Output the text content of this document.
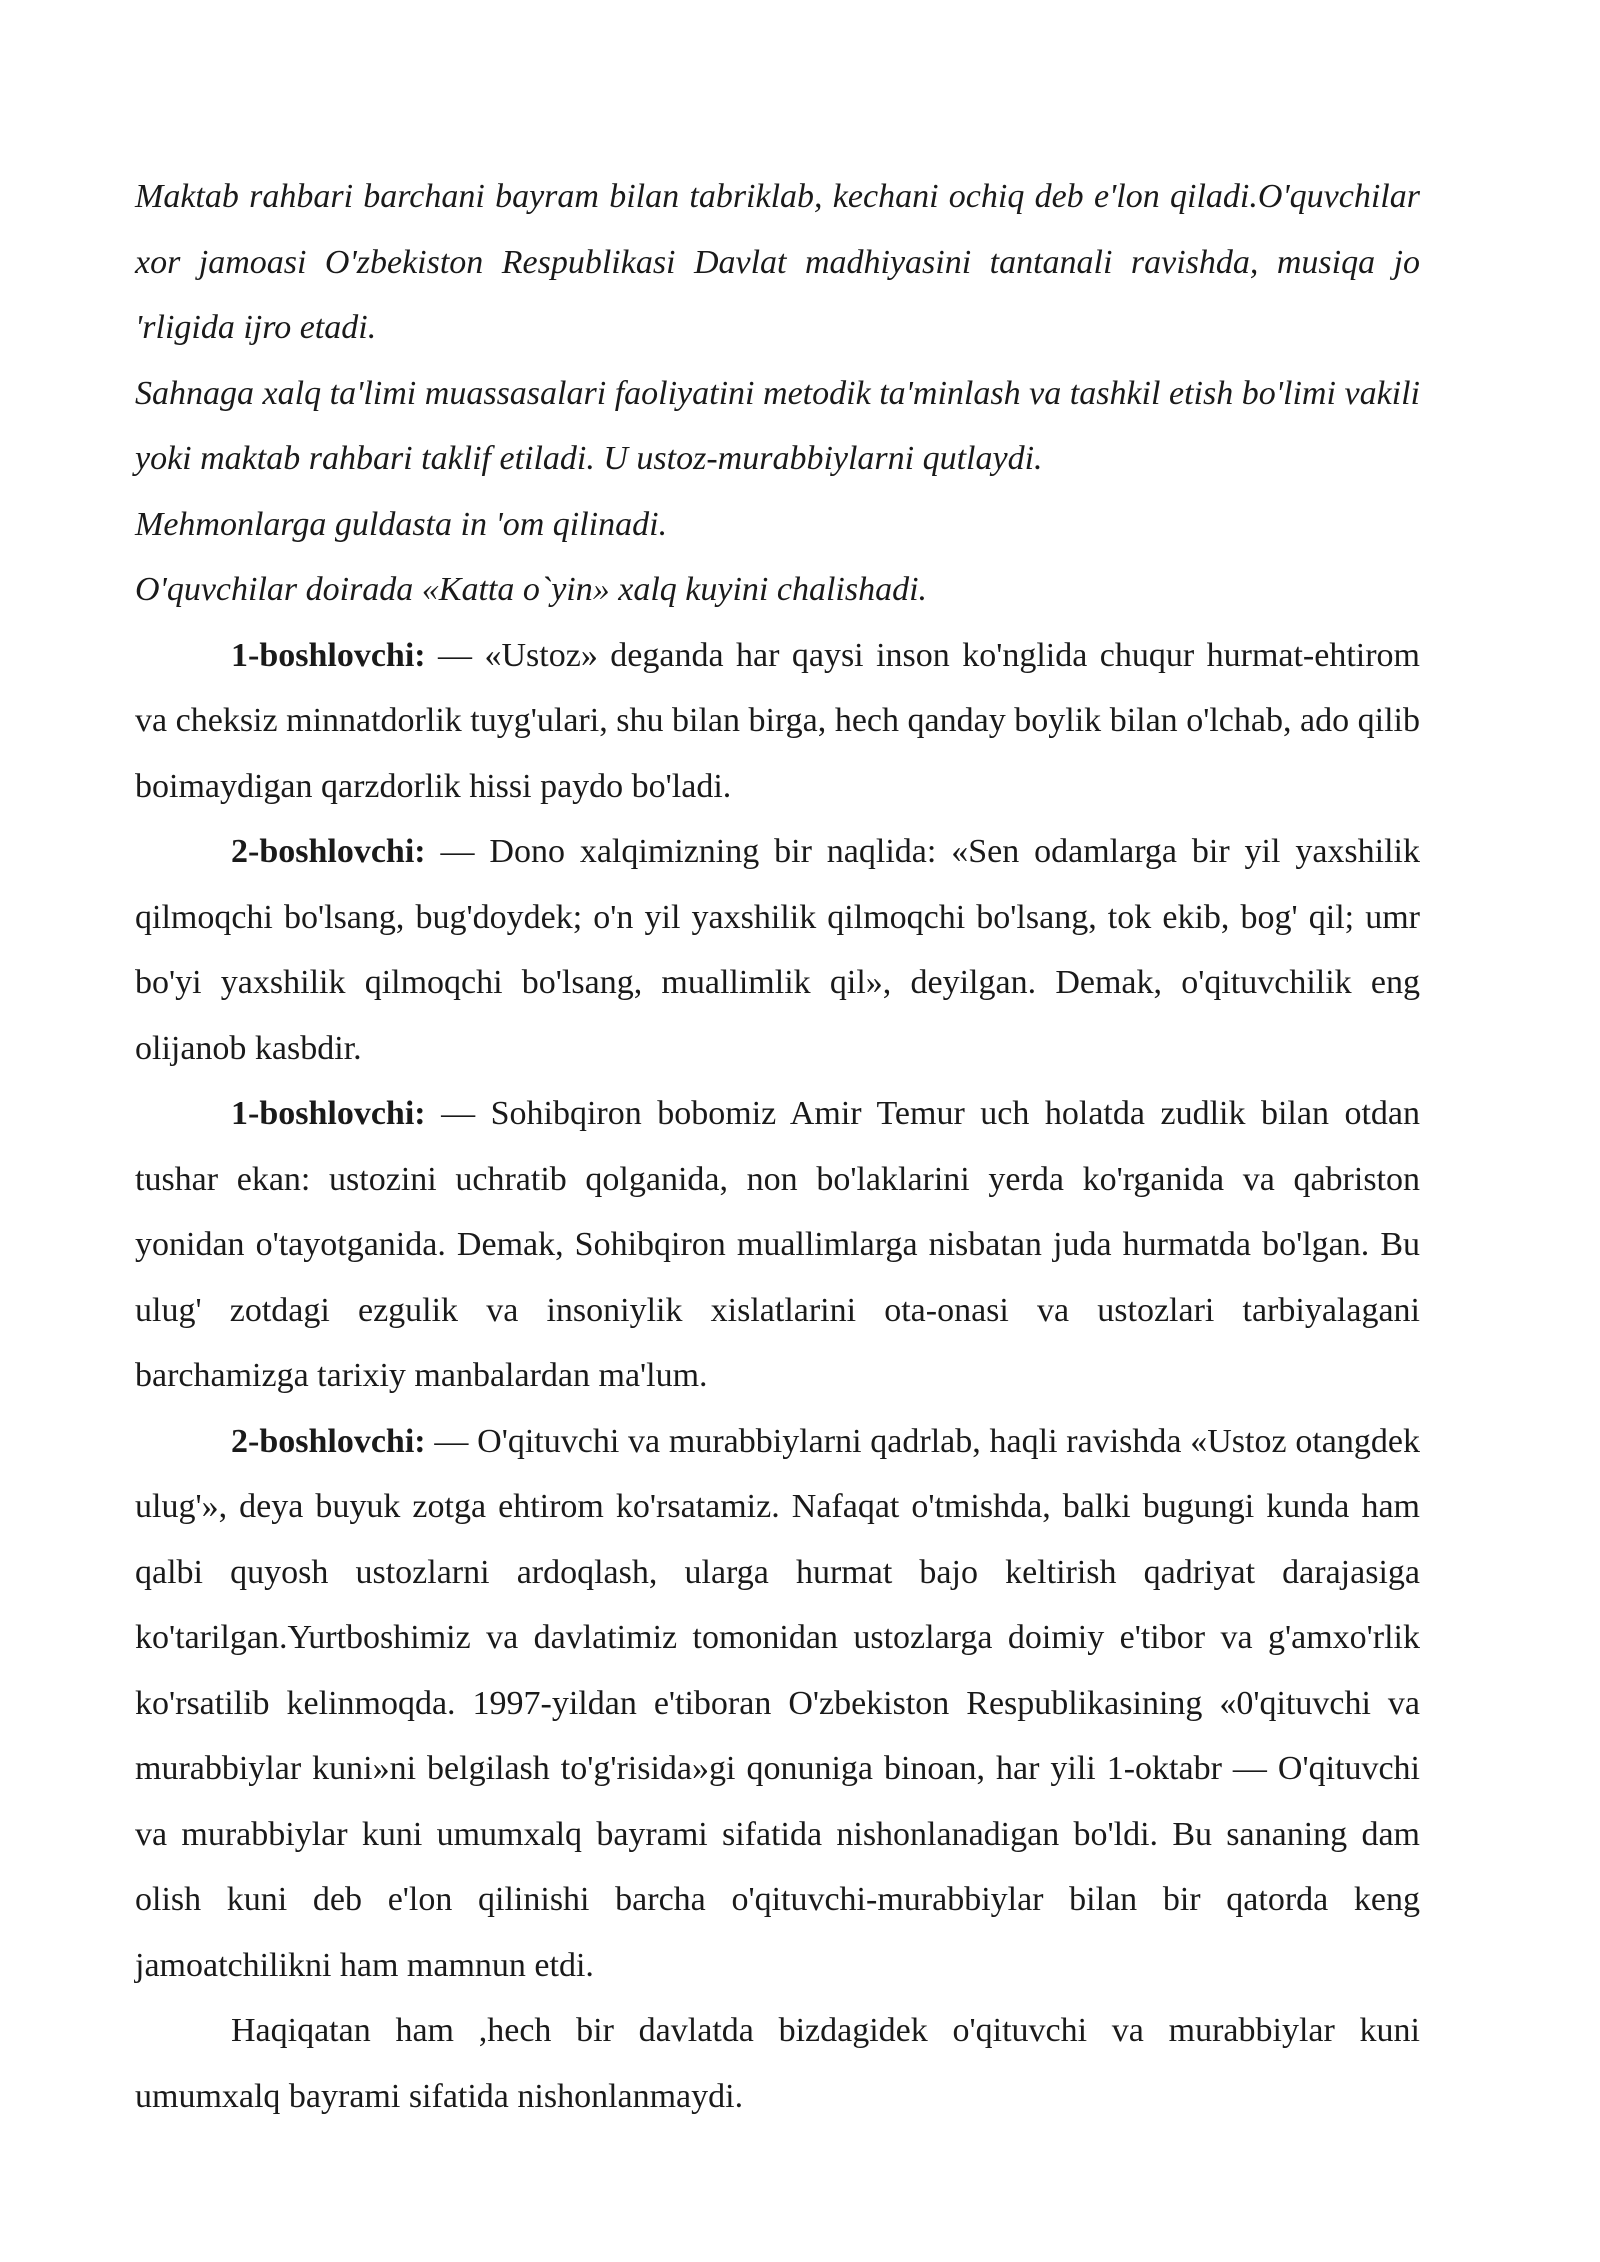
Maktab rahbari barchani bayram bilan tabriklab, kechani ochiq deb e'lon qiladi.O'quvchilar xor jamoasi O'zbekiston Respublikasi Davlat madhiyasini tantanali ravishda, musiqa jo 'rligida ijro etadi.

Sahnaga xalq ta'limi muassasalari faoliyatini metodik ta'minlash va tashkil etish bo'limi vakili yoki maktab rahbari taklif etiladi. U ustoz-murabbiylarni qutlaydi.

Mehmonlarga guldasta in 'om qilinadi.

O'quvchilar doirada «Katta o`yin» xalq kuyini chalishadi.

1-boshlovchi: — «Ustoz» deganda har qaysi inson ko'nglida chuqur hurmat-ehtirom va cheksiz minnatdorlik tuyg'ulari, shu bilan birga, hech qanday boylik bilan o'lchab, ado qilib boimaydigan qarzdorlik hissi paydo bo'ladi.

2-boshlovchi: — Dono xalqimizning bir naqlida: «Sen odamlarga bir yil yaxshilik qilmoqchi bo'lsang, bug'doydek; o'n yil yaxshilik qilmoqchi bo'lsang, tok ekib, bog' qil; umr bo'yi yaxshilik qilmoqchi bo'lsang, muallimlik qil», deyilgan. Demak, o'qituvchilik eng olijanob kasbdir.

1-boshlovchi: — Sohibqiron bobomiz Amir Temur uch holatda zudlik bilan otdan tushar ekan: ustozini uchratib qolganida, non bo'laklarini yerda ko'rganida va qabriston yonidan o'tayotganida. Demak, Sohibqiron muallimlarga nisbatan juda hurmatda bo'lgan. Bu ulug' zotdagi ezgulik va insoniylik xislatlarini ota-onasi va ustozlari tarbiyalagani barchamizga tarixiy manbalardan ma'lum.

2-boshlovchi: — O'qituvchi va murabbiylarni qadrlab, haqli ravishda «Ustoz otangdek ulug'», deya buyuk zotga ehtirom ko'rsatamiz. Nafaqat o'tmishda, balki bugungi kunda ham qalbi quyosh ustozlarni ardoqlash, ularga hurmat bajo keltirish qadriyat darajasiga ko'tarilgan.Yurtboshimiz va davlatimiz tomonidan ustozlarga doimiy e'tibor va g'amxo'rlik ko'rsatilib kelinmoqda. 1997-yildan e'tiboran O'zbekiston Respublikasining «0'qituvchi va murabbiylar kuni»ni belgilash to'g'risida»gi qonuniga binoan, har yili 1-oktabr — O'qituvchi va murabbiylar kuni umumxalq bayrami sifatida nishonlanadigan bo'ldi. Bu sananing dam olish kuni deb e'lon qilinishi barcha o'qituvchi-murabbiylar bilan bir qatorda keng jamoatchilikni ham mamnun etdi.

Haqiqatan ham ,hech bir davlatda bizdagidek o'qituvchi va murabbiylar kuni umumxalq bayrami sifatida nishonlanmaydi.
